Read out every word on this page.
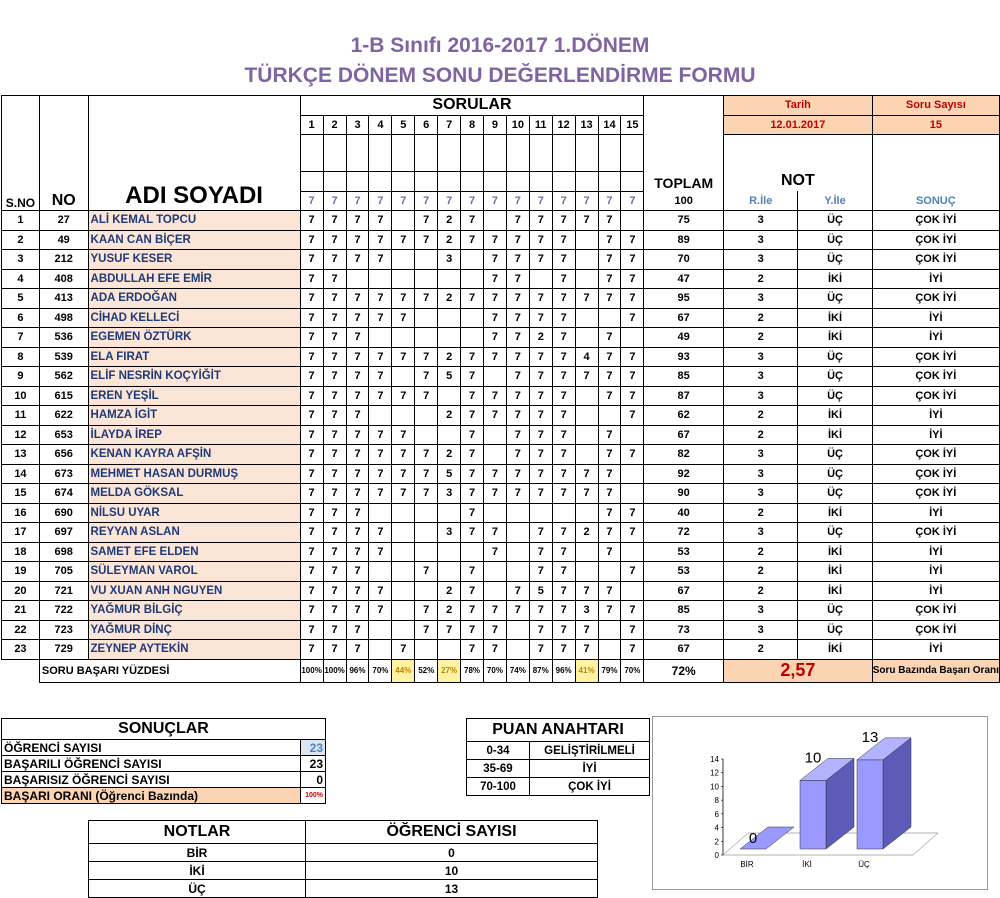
1-B Sınıfı 2016-2017 1.DÖNEM
TÜRKÇE DÖNEM SONU DEĞERLENDİRME FORMU
S.NO	NO	ADI SOYADI	SORULAR															TOPLAM	Tarih		Soru Sayısı
			1	2	3	4	5	6	7	8	9	10	11	12	13	14	15		12.01.2017		15

																			NOT		
			7	7	7	7	7	7	7	7	7	7	7	7	7	7	7	100	R.İle	Y.İle	SONUÇ
1	27	ALİ KEMAL TOPCU	7	7	7	7		7	2	7		7	7	7	7	7		75	3	ÜÇ	ÇOK İYİ
2	49	KAAN CAN BİÇER	7	7	7	7	7	7	2	7	7	7	7	7		7	7	89	3	ÜÇ	ÇOK İYİ
3	212	YUSUF KESER	7	7	7	7			3		7	7	7	7		7	7	70	3	ÜÇ	ÇOK İYİ
4	408	ABDULLAH EFE EMİR	7	7							7	7		7		7	7	47	2	İKİ	İYİ
5	413	ADA ERDOĞAN	7	7	7	7	7	7	2	7	7	7	7	7	7	7	7	95	3	ÜÇ	ÇOK İYİ
6	498	CİHAD KELLECİ	7	7	7	7	7				7	7	7	7			7	67	2	İKİ	İYİ
7	536	EGEMEN ÖZTÜRK	7	7	7						7	7	2	7		7		49	2	İKİ	İYİ
8	539	ELA FIRAT	7	7	7	7	7	7	2	7	7	7	7	7	4	7	7	93	3	ÜÇ	ÇOK İYİ
9	562	ELİF NESRİN KOÇYİĞİT	7	7	7	7		7	5	7		7	7	7	7	7	7	85	3	ÜÇ	ÇOK İYİ
10	615	EREN YEŞİL	7	7	7	7	7	7		7	7	7	7	7		7	7	87	3	ÜÇ	ÇOK İYİ
11	622	HAMZA İGİT	7	7	7				2	7	7	7	7	7			7	62	2	İKİ	İYİ
12	653	İLAYDA İREP	7	7	7	7	7			7		7	7	7		7		67	2	İKİ	İYİ
13	656	KENAN KAYRA AFŞİN	7	7	7	7	7	7	2	7		7	7	7		7	7	82	3	ÜÇ	ÇOK İYİ
14	673	MEHMET HASAN DURMUŞ	7	7	7	7	7	7	5	7	7	7	7	7	7	7		92	3	ÜÇ	ÇOK İYİ
15	674	MELDA GÖKSAL	7	7	7	7	7	7	3	7	7	7	7	7	7	7		90	3	ÜÇ	ÇOK İYİ
16	690	NİLSU UYAR	7	7	7					7						7	7	40	2	İKİ	İYİ
17	697	REYYAN ASLAN	7	7	7	7			3	7	7		7	7	2	7	7	72	3	ÜÇ	ÇOK İYİ
18	698	SAMET EFE ELDEN	7	7	7	7					7		7	7		7		53	2	İKİ	İYİ
19	705	SÜLEYMAN VAROL	7	7	7			7		7			7	7			7	53	2	İKİ	İYİ
20	721	VU XUAN ANH NGUYEN	7	7	7	7			2	7		7	5	7	7	7		67	2	İKİ	İYİ
21	722	YAĞMUR BİLGİÇ	7	7	7	7		7	2	7	7	7	7	7	3	7	7	85	3	ÜÇ	ÇOK İYİ
22	723	YAĞMUR DİNÇ	7	7	7			7	7	7	7		7	7	7		7	73	3	ÜÇ	ÇOK İYİ
23	729	ZEYNEP AYTEKİN	7	7	7		7			7	7		7	7	7		7	67	2	İKİ	İYİ
	SORU BAŞARI YÜZDESİ		100%	100%	96%	70%	44%	52%	27%	78%	70%	74%	87%	96%	41%	79%	70%	72%	2,57		Soru Bazında Başarı Oranı
SONUÇLAR	
ÖĞRENCİ SAYISI	23
BAŞARILI ÖĞRENCİ SAYISI	23
BAŞARISIZ ÖĞRENCİ SAYISI	0
BAŞARI ORANI (Öğrenci Bazında)	100%
PUAN ANAHTARI	
0-34	GELİŞTİRİLMELİ
35-69	İYİ
70-100	ÇOK İYİ
NOTLAR	ÖĞRENCİ SAYISI
BİR	0
İKİ	10
ÜÇ	13
0
2
4
6
8
10
12
14
0
BİR
10
İKİ
13
ÜÇ
